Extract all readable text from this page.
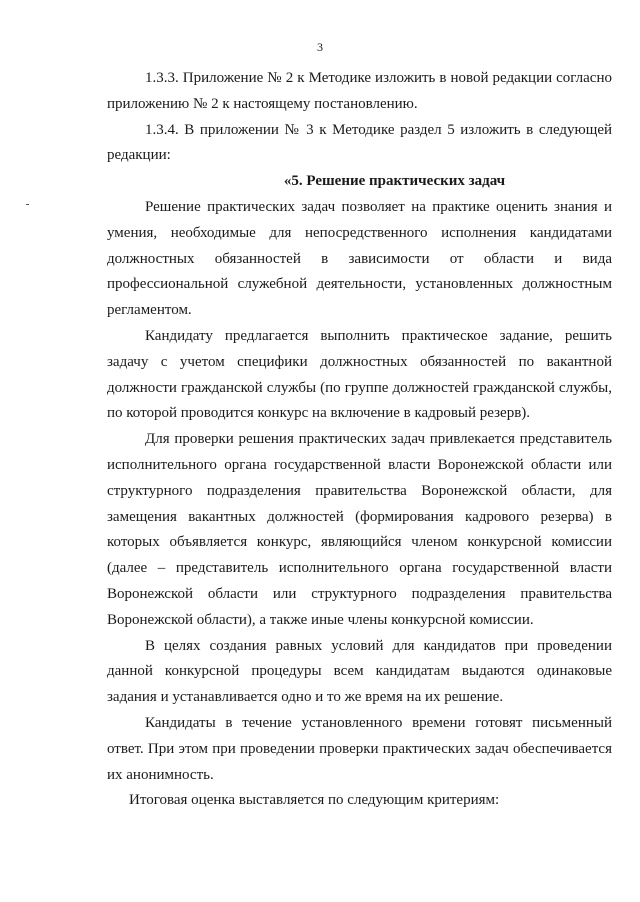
3

1.3.3. Приложение № 2 к Методике изложить в новой редакции согласно приложению № 2 к настоящему постановлению.

1.3.4. В приложении № 3 к Методике раздел 5 изложить в следующей редакции:

«5. Решение практических задач

Решение практических задач позволяет на практике оценить знания и умения, необходимые для непосредственного исполнения кандидатами должностных обязанностей в зависимости от области и вида профессиональной служебной деятельности, установленных должностным регламентом.

Кандидату предлагается выполнить практическое задание, решить задачу с учетом специфики должностных обязанностей по вакантной должности гражданской службы (по группе должностей гражданской службы, по которой проводится конкурс на включение в кадровый резерв).

Для проверки решения практических задач привлекается представитель исполнительного органа государственной власти Воронежской области или структурного подразделения правительства Воронежской области, для замещения вакантных должностей (формирования кадрового резерва) в которых объявляется конкурс, являющийся членом конкурсной комиссии (далее – представитель исполнительного органа государственной власти Воронежской области или структурного подразделения правительства Воронежской области), а также иные члены конкурсной комиссии.

В целях создания равных условий для кандидатов при проведении данной конкурсной процедуры всем кандидатам выдаются одинаковые задания и устанавливается одно и то же время на их решение.

Кандидаты в течение установленного времени готовят письменный ответ. При этом при проведении проверки практических задач обеспечивается их анонимность.

Итоговая оценка выставляется по следующим критериям:
